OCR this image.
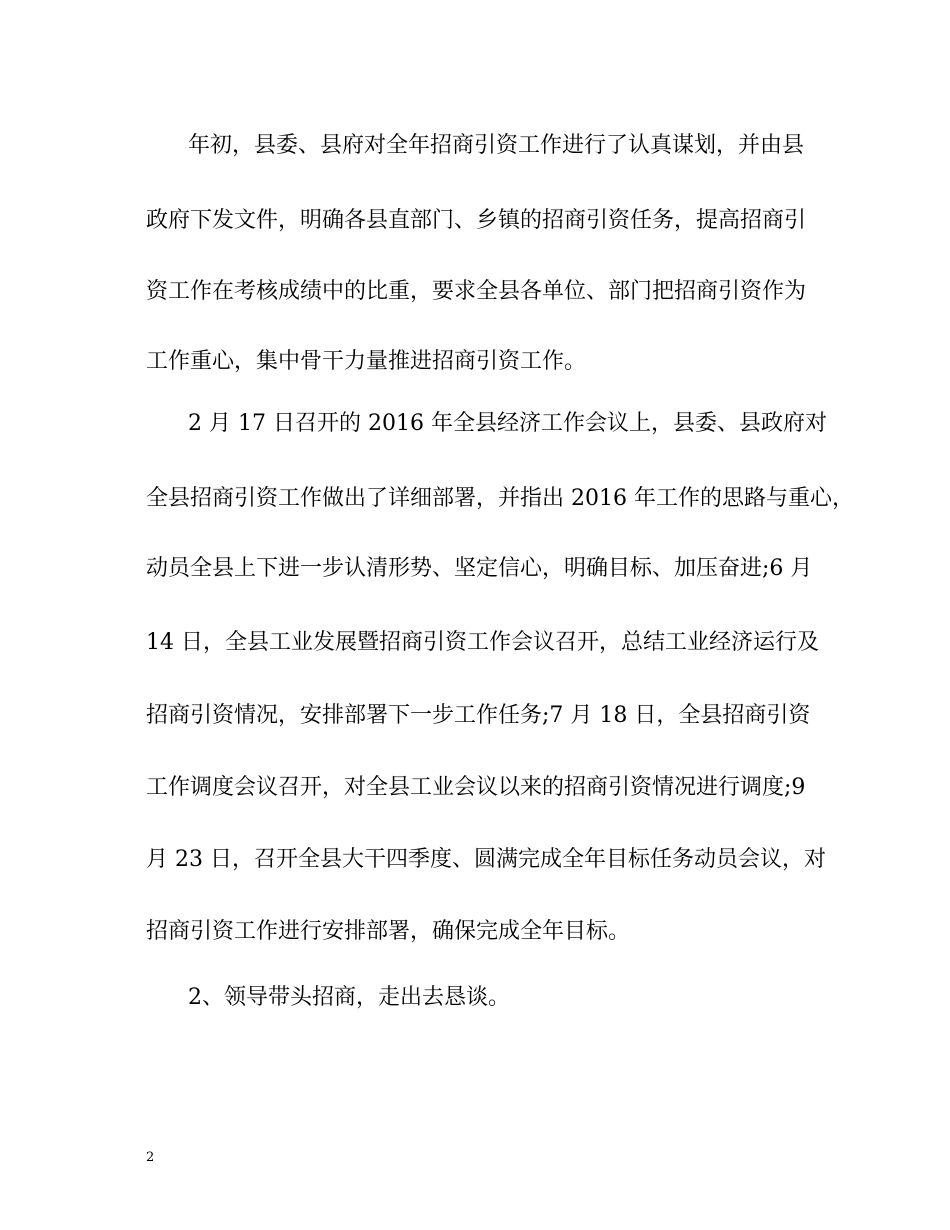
年初，县委、县府对全年招商引资工作进行了认真谋划，并由县
政府下发文件，明确各县直部门、乡镇的招商引资任务，提高招商引
资工作在考核成绩中的比重，要求全县各单位、部门把招商引资作为
工作重心，集中骨干力量推进招商引资工作。
2 月 17 日召开的 2016 年全县经济工作会议上，县委、县政府对
全县招商引资工作做出了详细部署，并指出 2016 年工作的思路与重心，
动员全县上下进一步认清形势、坚定信心，明确目标、加压奋进;6 月
14 日，全县工业发展暨招商引资工作会议召开，总结工业经济运行及
招商引资情况，安排部署下一步工作任务;7 月 18 日，全县招商引资
工作调度会议召开，对全县工业会议以来的招商引资情况进行调度;9
月 23 日，召开全县大干四季度、圆满完成全年目标任务动员会议，对
招商引资工作进行安排部署，确保完成全年目标。
2、领导带头招商，走出去恳谈。
2
